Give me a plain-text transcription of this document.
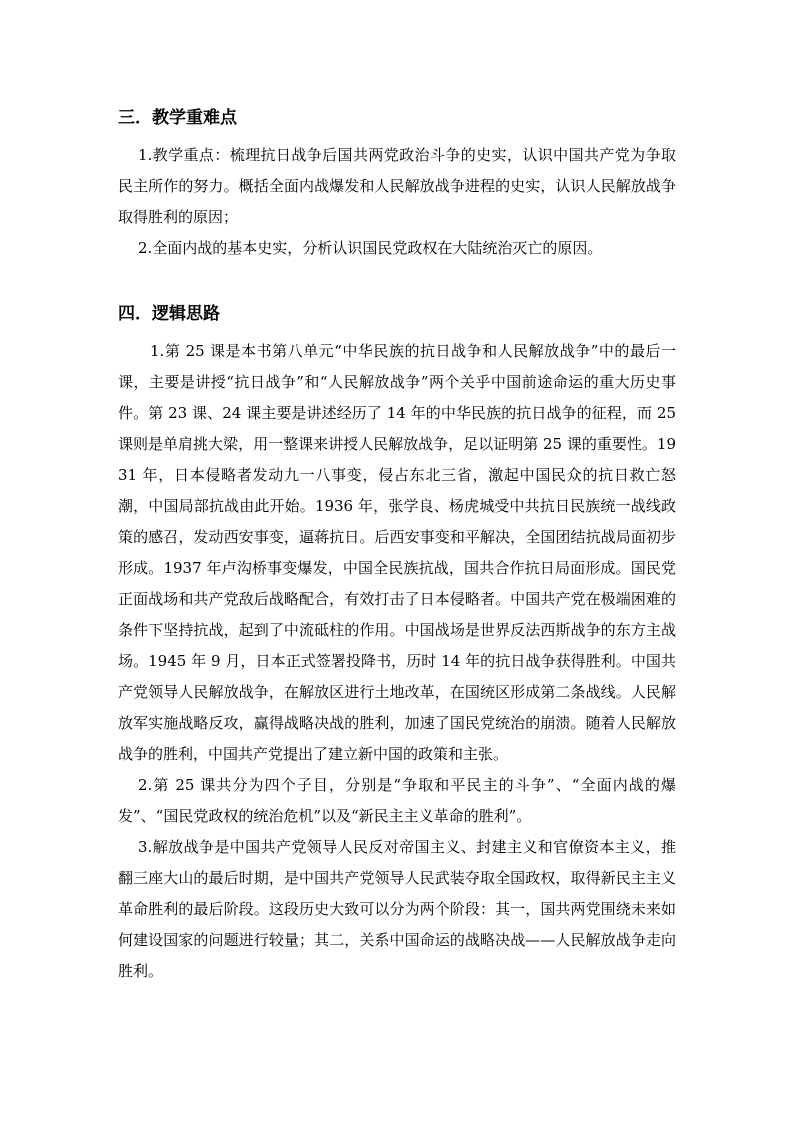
三．教学重难点

1.教学重点：梳理抗日战争后国共两党政治斗争的史实，认识中国共产党为争取民主所作的努力。概括全面内战爆发和人民解放战争进程的史实，认识人民解放战争取得胜利的原因；

2.全面内战的基本史实，分析认识国民党政权在大陆统治灭亡的原因。

四．逻辑思路

1.第 25 课是本书第八单元“中华民族的抗日战争和人民解放战争”中的最后一课，主要是讲授“抗日战争”和“人民解放战争”两个关乎中国前途命运的重大历史事件。第 23 课、24 课主要是讲述经历了 14 年的中华民族的抗日战争的征程，而 25 课则是单肩挑大梁，用一整课来讲授人民解放战争，足以证明第 25 课的重要性。1931 年，日本侵略者发动九一八事变，侵占东北三省，激起中国民众的抗日救亡怒潮，中国局部抗战由此开始。1936 年，张学良、杨虎城受中共抗日民族统一战线政策的感召，发动西安事变，逼蒋抗日。后西安事变和平解决，全国团结抗战局面初步形成。1937 年卢沟桥事变爆发，中国全民族抗战，国共合作抗日局面形成。国民党正面战场和共产党敌后战略配合，有效打击了日本侵略者。中国共产党在极端困难的条件下坚持抗战，起到了中流砥柱的作用。中国战场是世界反法西斯战争的东方主战场。1945 年 9 月，日本正式签署投降书，历时 14 年的抗日战争获得胜利。中国共产党领导人民解放战争，在解放区进行土地改革，在国统区形成第二条战线。人民解放军实施战略反攻，赢得战略决战的胜利，加速了国民党统治的崩溃。随着人民解放战争的胜利，中国共产党提出了建立新中国的政策和主张。

2.第 25 课共分为四个子目，分别是“争取和平民主的斗争”、“全面内战的爆发”、“国民党政权的统治危机”以及“新民主主义革命的胜利”。

3.解放战争是中国共产党领导人民反对帝国主义、封建主义和官僚资本主义，推翻三座大山的最后时期，是中国共产党领导人民武装夺取全国政权，取得新民主主义革命胜利的最后阶段。这段历史大致可以分为两个阶段：其一，国共两党围绕未来如何建设国家的问题进行较量；其二，关系中国命运的战略决战——人民解放战争走向胜利。
